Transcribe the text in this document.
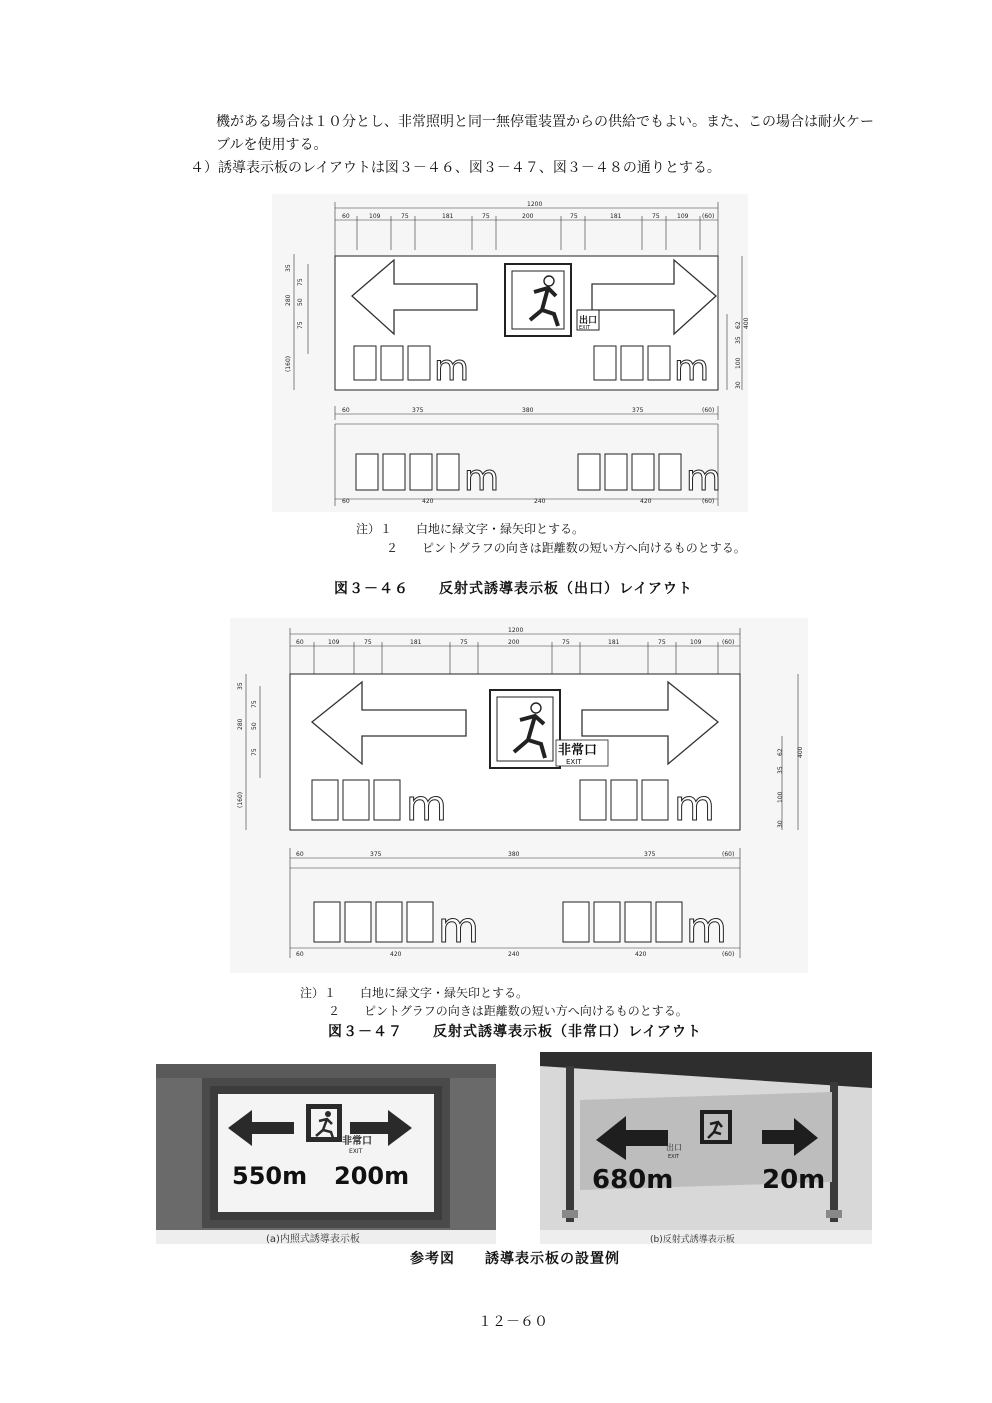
機がある場合は１０分とし、非常照明と同一無停電装置からの供給でもよい。また、この場合は耐火ケー
ブルを使用する。
４）誘導表示板のレイアウトは図３－４６、図３－４７、図３－４８の通りとする。
1200
60	109	75	181	75	200	75	181	75	109 (60)
60	375	380	375	(60)
60	420	240	420	(60)
35
75
50
75
280
(160)
62 400
35
100
30
出口
EXIT
m	m
m	m
注）１　　 白地に緑文字・緑矢印とする。
２　　 ピントグラフの向きは距離数の短い方へ向けるものとする。
図３－４６　　反射式誘導表示板（出口）レイアウト
1200
60	109	75	181	75	200	75	181	75	109	(60)
60	375	380	375	(60)
60	420	240	420	(60)
35
75
50
75
280
(160)
62 400
35
100
30
非常口
EXIT
m	m
m	m
注）１　　 白地に緑文字・緑矢印とする。
２　　 ピントグラフの向きは距離数の短い方へ向けるものとする。
図３－４７　　反射式誘導表示板（非常口）レイアウト
非常口
EXIT
550m 200m
(a)内照式誘導表示板
出口
EXIT
680m	20m
(b)反射式誘導表示板
参考図　　誘導表示板の設置例
１２－６０
